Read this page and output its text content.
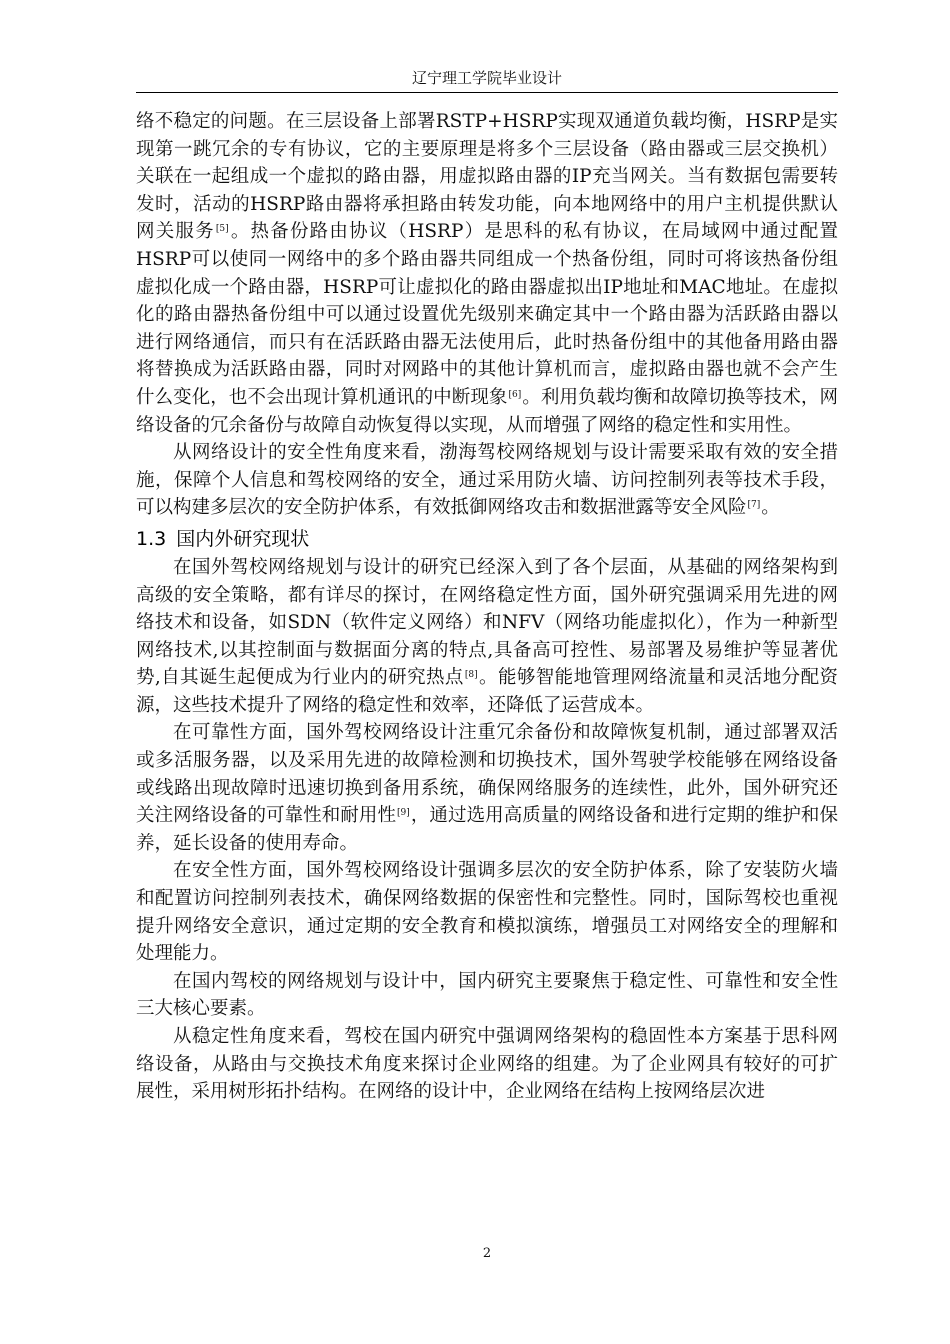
辽宁理工学院毕业设计

络不稳定的问题。在三层设备上部署RSTP+HSRP实现双通道负载均衡，HSRP是实现第一跳冗余的专有协议，它的主要原理是将多个三层设备（路由器或三层交换机）关联在一起组成一个虚拟的路由器，用虚拟路由器的IP充当网关。当有数据包需要转发时，活动的HSRP路由器将承担路由转发功能，向本地网络中的用户主机提供默认网关服务[5]。热备份路由协议（HSRP）是思科的私有协议，在局域网中通过配置HSRP可以使同一网络中的多个路由器共同组成一个热备份组，同时可将该热备份组虚拟化成一个路由器，HSRP可让虚拟化的路由器虚拟出IP地址和MAC地址。在虚拟化的路由器热备份组中可以通过设置优先级别来确定其中一个路由器为活跃路由器以进行网络通信，而只有在活跃路由器无法使用后，此时热备份组中的其他备用路由器将替换成为活跃路由器，同时对网路中的其他计算机而言，虚拟路由器也就不会产生什么变化，也不会出现计算机通讯的中断现象[6]。利用负载均衡和故障切换等技术，网络设备的冗余备份与故障自动恢复得以实现，从而增强了网络的稳定性和实用性。

从网络设计的安全性角度来看，渤海驾校网络规划与设计需要采取有效的安全措施，保障个人信息和驾校网络的安全，通过采用防火墙、访问控制列表等技术手段，可以构建多层次的安全防护体系，有效抵御网络攻击和数据泄露等安全风险[7]。

1.3 国内外研究现状

在国外驾校网络规划与设计的研究已经深入到了各个层面，从基础的网络架构到高级的安全策略，都有详尽的探讨，在网络稳定性方面，国外研究强调采用先进的网络技术和设备，如SDN（软件定义网络）和NFV（网络功能虚拟化），作为一种新型网络技术,以其控制面与数据面分离的特点,具备高可控性、易部署及易维护等显著优势,自其诞生起便成为行业内的研究热点[8]。能够智能地管理网络流量和灵活地分配资源，这些技术提升了网络的稳定性和效率，还降低了运营成本。

在可靠性方面，国外驾校网络设计注重冗余备份和故障恢复机制，通过部署双活或多活服务器，以及采用先进的故障检测和切换技术，国外驾驶学校能够在网络设备或线路出现故障时迅速切换到备用系统，确保网络服务的连续性，此外，国外研究还关注网络设备的可靠性和耐用性[9]，通过选用高质量的网络设备和进行定期的维护和保养，延长设备的使用寿命。

在安全性方面，国外驾校网络设计强调多层次的安全防护体系，除了安装防火墙和配置访问控制列表技术，确保网络数据的保密性和完整性。同时，国际驾校也重视提升网络安全意识，通过定期的安全教育和模拟演练，增强员工对网络安全的理解和处理能力。

在国内驾校的网络规划与设计中，国内研究主要聚焦于稳定性、可靠性和安全性三大核心要素。

从稳定性角度来看，驾校在国内研究中强调网络架构的稳固性本方案基于思科网络设备，从路由与交换技术角度来探讨企业网络的组建。为了企业网具有较好的可扩展性，采用树形拓扑结构。在网络的设计中，企业网络在结构上按网络层次进

2
